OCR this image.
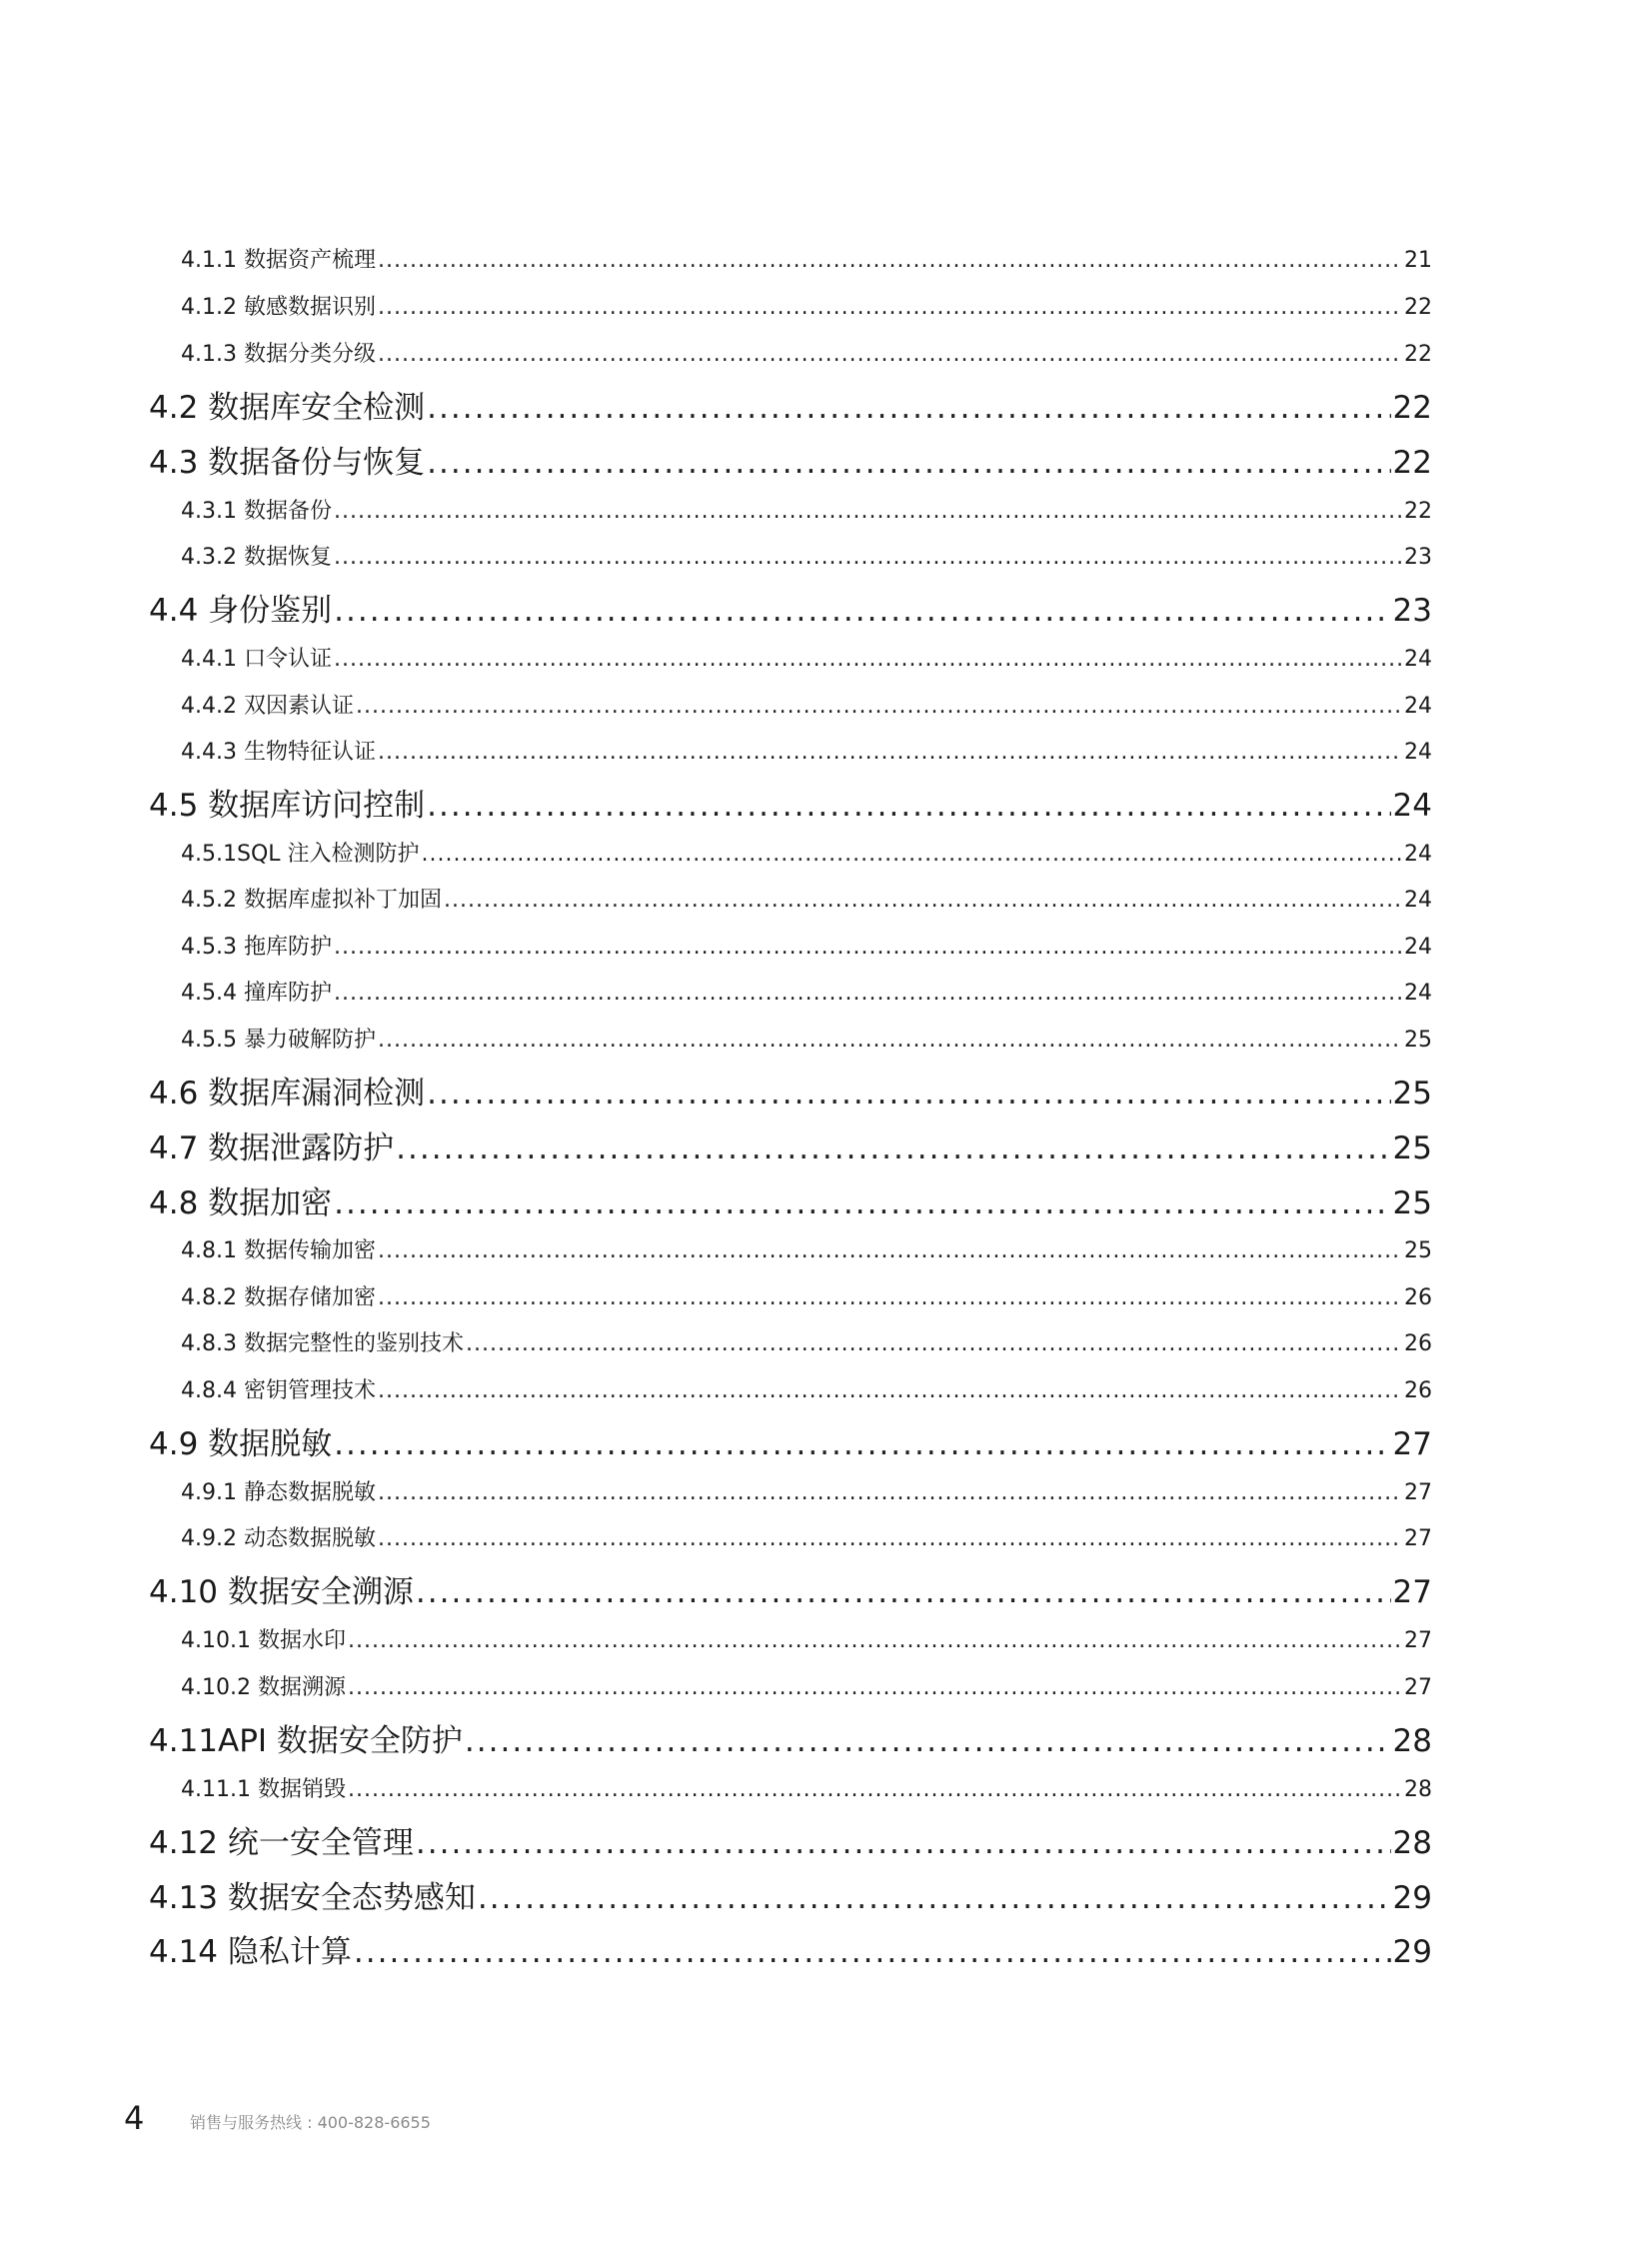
4.1.1 数据资产梳理 .....	21
4.1.2 敏感数据识别 .....	22
4.1.3 数据分类分级 .....	22
4.2 数据库安全检测 .....	22
4.3 数据备份与恢复 .....	22
4.3.1 数据备份 .....	22
4.3.2 数据恢复 .....	23
4.4 身份鉴别 .....	23
4.4.1 口令认证 .....	24
4.4.2 双因素认证 .....	24
4.4.3 生物特征认证 .....	24
4.5 数据库访问控制 .....	24
4.5.1SQL 注入检测防护 .....	24
4.5.2 数据库虚拟补丁加固 .....	24
4.5.3 拖库防护 .....	24
4.5.4 撞库防护 .....	24
4.5.5 暴力破解防护 .....	25
4.6 数据库漏洞检测 .....	25
4.7 数据泄露防护 .....	25
4.8 数据加密 .....	25
4.8.1 数据传输加密 .....	25
4.8.2 数据存储加密 .....	26
4.8.3 数据完整性的鉴别技术 .....	26
4.8.4 密钥管理技术 .....	26
4.9 数据脱敏 .....	27
4.9.1 静态数据脱敏 .....	27
4.9.2 动态数据脱敏 .....	27
4.10 数据安全溯源 .....	27
4.10.1 数据水印 .....	27
4.10.2 数据溯源 .....	27
4.11API 数据安全防护 .....	28
4.11.1 数据销毁 .....	28
4.12 统一安全管理 .....	28
4.13 数据安全态势感知 .....	29
4.14 隐私计算 .....	29
4	销售与服务热线 : 400-828-6655
